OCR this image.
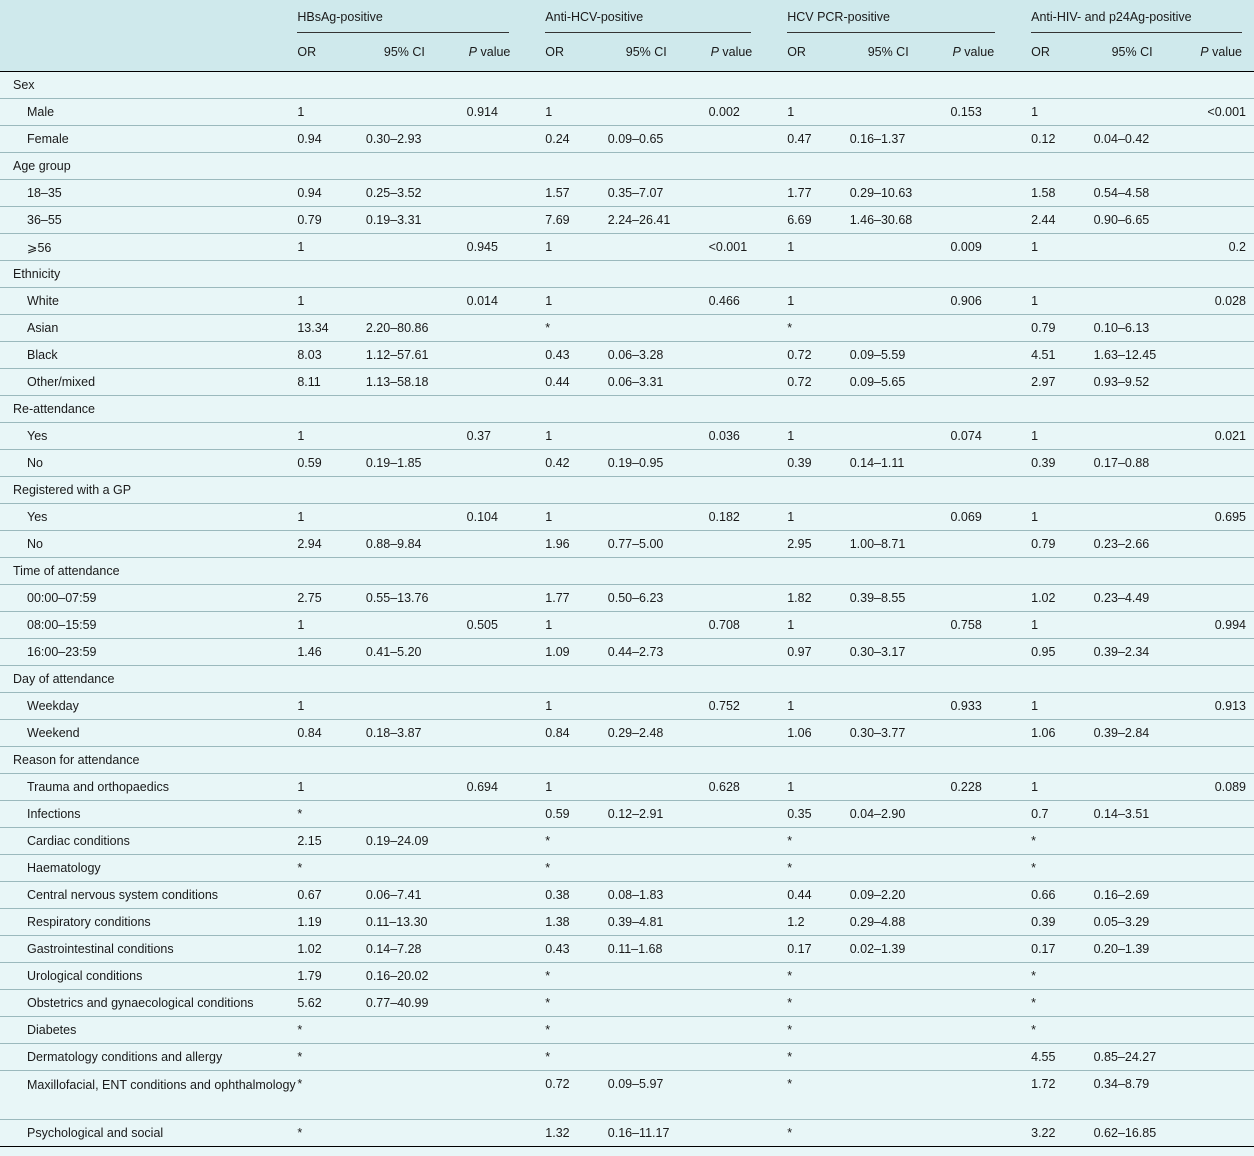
	HBsAg-positive			Anti-HCV-positive			HCV PCR-positive			Anti-HIV- and p24Ag-positive		

	OR	95% CI	P value	OR	95% CI	P value	OR	95% CI	P value	OR	95% CI	P value
Sex												
Male	1		0.914	1		0.002	1		0.153	1		<0.001
Female	0.94	0.30–2.93		0.24	0.09–0.65		0.47	0.16–1.37		0.12	0.04–0.42	
Age group												
18–35	0.94	0.25–3.52		1.57	0.35–7.07		1.77	0.29–10.63		1.58	0.54–4.58	
36–55	0.79	0.19–3.31		7.69	2.24–26.41		6.69	1.46–30.68		2.44	0.90–6.65	
⩾56	1		0.945	1		<0.001	1		0.009	1		0.2
Ethnicity												
White	1		0.014	1		0.466	1		0.906	1		0.028
Asian	13.34	2.20–80.86		*			*			0.79	0.10–6.13	
Black	8.03	1.12–57.61		0.43	0.06–3.28		0.72	0.09–5.59		4.51	1.63–12.45	
Other/mixed	8.11	1.13–58.18		0.44	0.06–3.31		0.72	0.09–5.65		2.97	0.93–9.52	
Re-attendance												
Yes	1		0.37	1		0.036	1		0.074	1		0.021
No	0.59	0.19–1.85		0.42	0.19–0.95		0.39	0.14–1.11		0.39	0.17–0.88	
Registered with a GP												
Yes	1		0.104	1		0.182	1		0.069	1		0.695
No	2.94	0.88–9.84		1.96	0.77–5.00		2.95	1.00–8.71		0.79	0.23–2.66	
Time of attendance												
00:00–07:59	2.75	0.55–13.76		1.77	0.50–6.23		1.82	0.39–8.55		1.02	0.23–4.49	
08:00–15:59	1		0.505	1		0.708	1		0.758	1		0.994
16:00–23:59	1.46	0.41–5.20		1.09	0.44–2.73		0.97	0.30–3.17		0.95	0.39–2.34	
Day of attendance												
Weekday	1			1		0.752	1		0.933	1		0.913
Weekend	0.84	0.18–3.87		0.84	0.29–2.48		1.06	0.30–3.77		1.06	0.39–2.84	
Reason for attendance												
Trauma and orthopaedics	1		0.694	1		0.628	1		0.228	1		0.089
Infections	*			0.59	0.12–2.91		0.35	0.04–2.90		0.7	0.14–3.51	
Cardiac conditions	2.15	0.19–24.09		*			*			*		
Haematology	*			*			*			*		
Central nervous system conditions	0.67	0.06–7.41		0.38	0.08–1.83		0.44	0.09–2.20		0.66	0.16–2.69	
Respiratory conditions	1.19	0.11–13.30		1.38	0.39–4.81		1.2	0.29–4.88		0.39	0.05–3.29	
Gastrointestinal conditions	1.02	0.14–7.28		0.43	0.11–1.68		0.17	0.02–1.39		0.17	0.20–1.39	
Urological conditions	1.79	0.16–20.02		*			*			*		
Obstetrics and gynaecological conditions	5.62	0.77–40.99		*			*			*		
Diabetes	*			*			*			*		
Dermatology conditions and allergy	*			*			*			4.55	0.85–24.27	
Maxillofacial, ENT conditions and ophthalmology	*			0.72	0.09–5.97		*			1.72	0.34–8.79	
Psychological and social	*			1.32	0.16–11.17		*			3.22	0.62–16.85	
